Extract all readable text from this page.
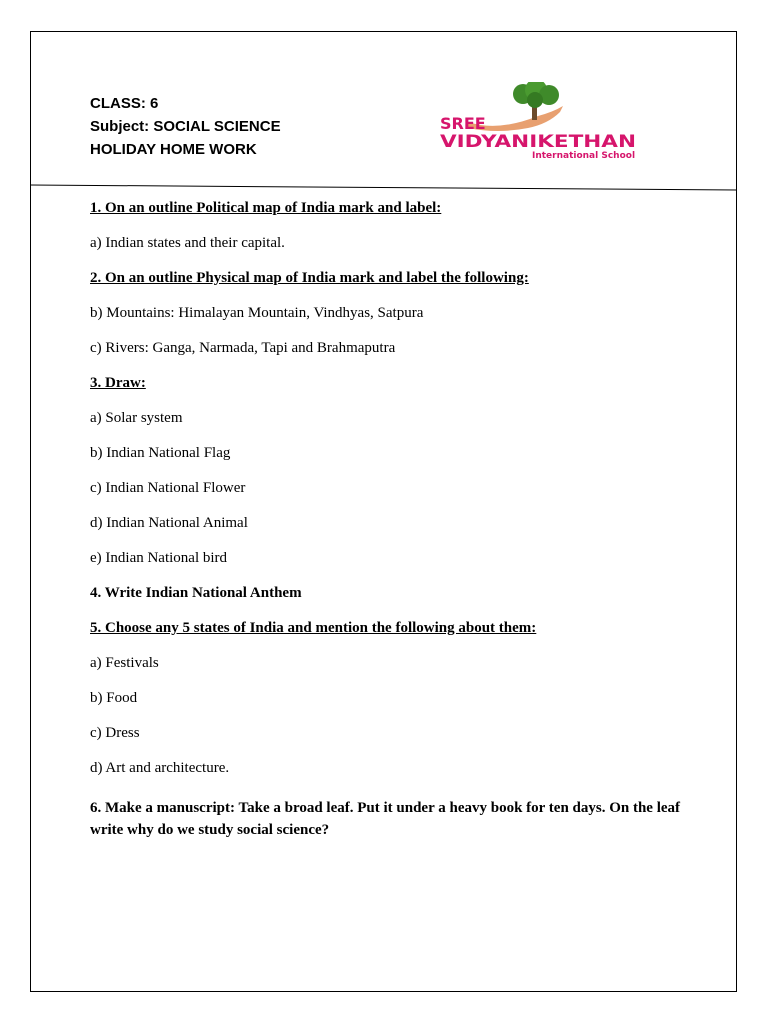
CLASS: 6
Subject: SOCIAL SCIENCE
HOLIDAY HOME WORK
SREE
VIDYANIKETHAN
International School
1. On an outline Political map of India mark and label:
a) Indian states and their capital.
2. On an outline Physical map of India mark and label the following:
b) Mountains: Himalayan Mountain, Vindhyas, Satpura
c) Rivers: Ganga, Narmada, Tapi and Brahmaputra
3. Draw:
a) Solar system
b) Indian National Flag
c) Indian National Flower
d) Indian National Animal
e) Indian National bird
4. Write Indian National Anthem
5. Choose any 5 states of India and mention the following about them:
a) Festivals
b) Food
c) Dress
d) Art and architecture.
6. Make a manuscript: Take a broad leaf. Put it under a heavy book for ten days. On the leaf write why do we study social science?
